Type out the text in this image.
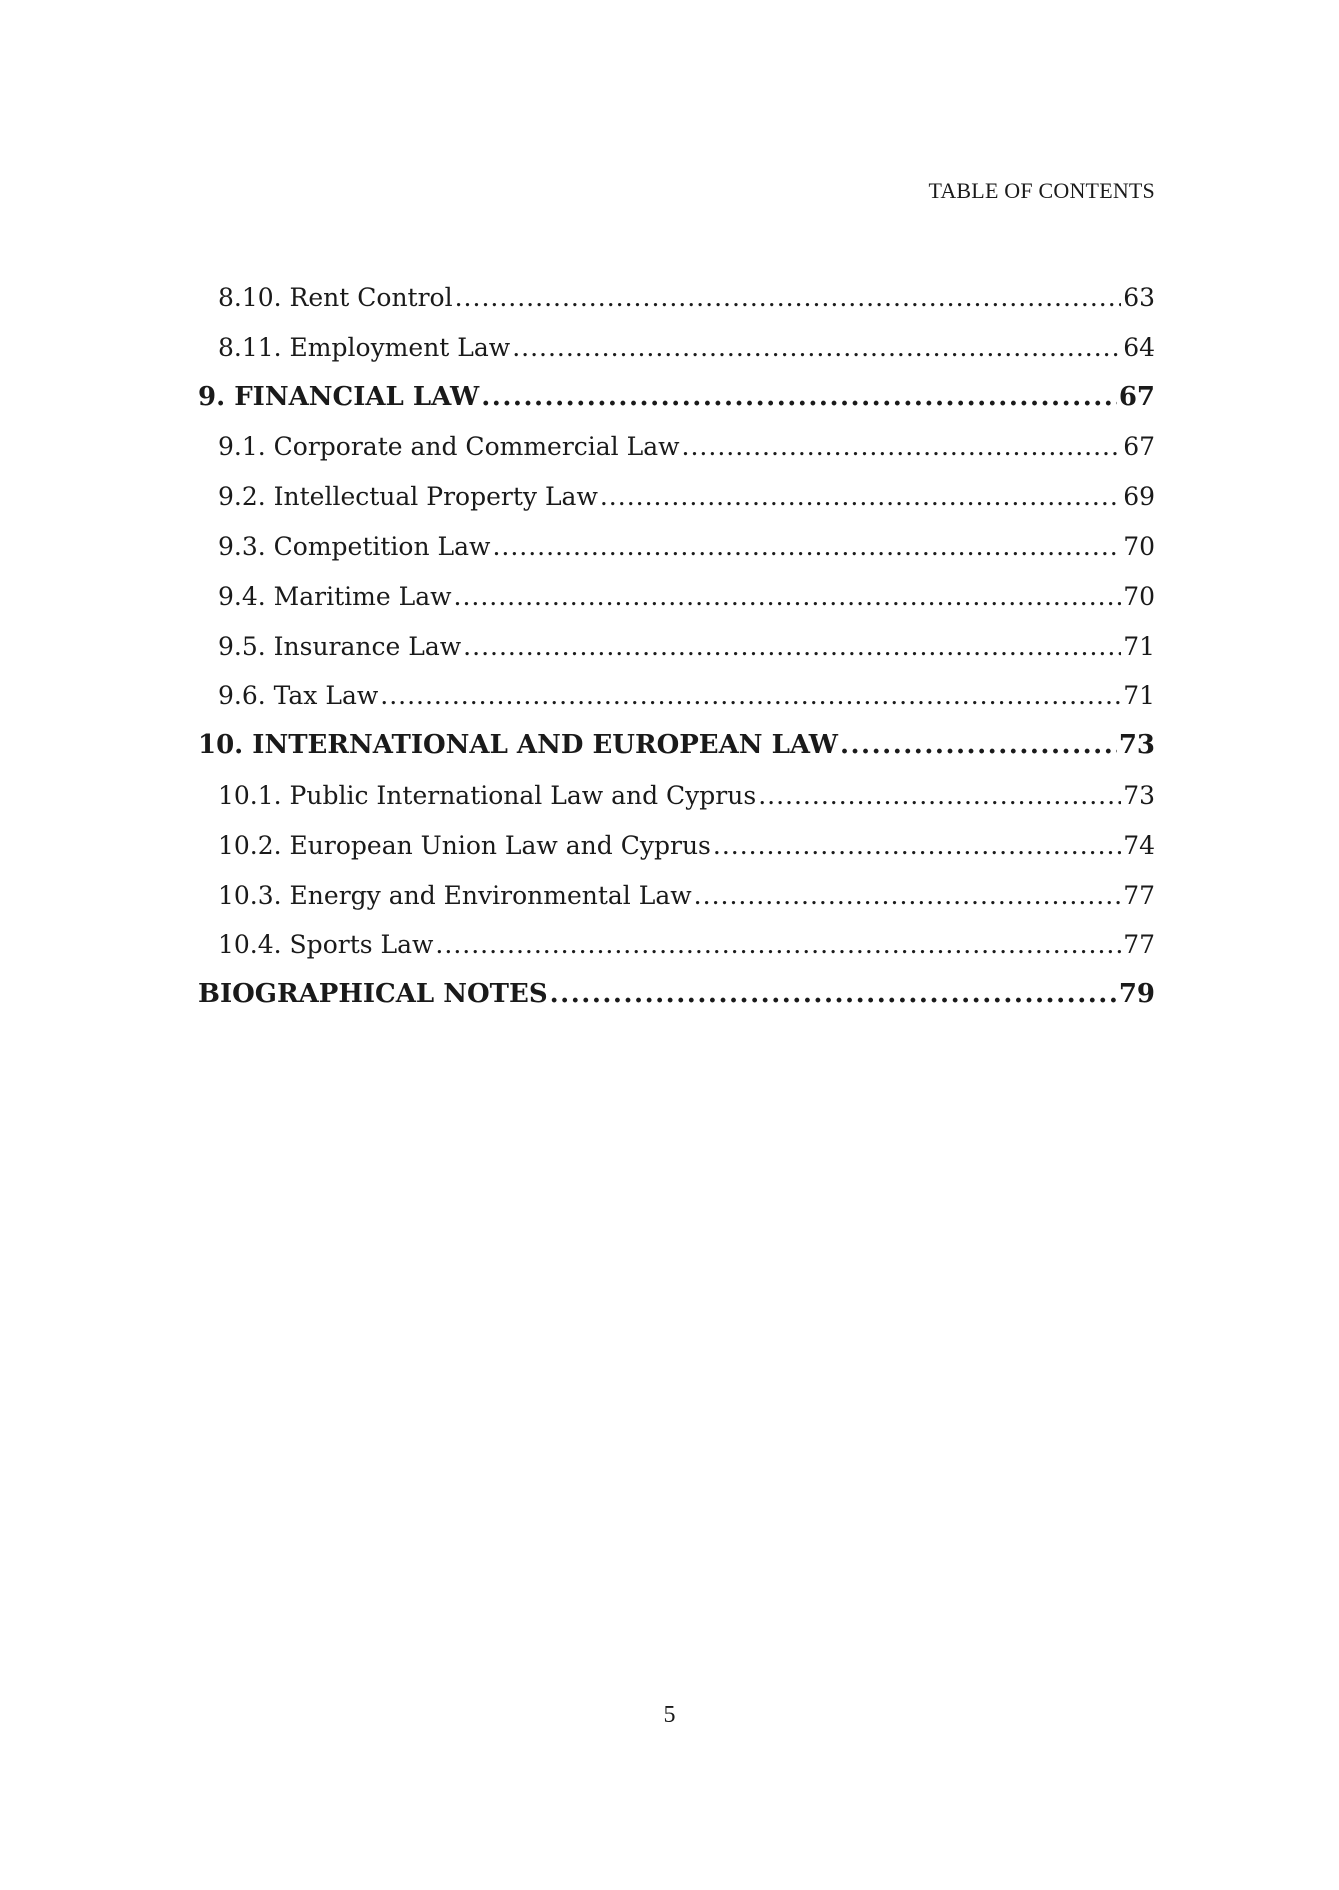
TABLE OF CONTENTS
8.10. Rent Control .....	63
8.11. Employment Law .....	64
9. FINANCIAL LAW .....	67
9.1. Corporate and Commercial Law .....	67
9.2. Intellectual Property Law .....	69
9.3. Competition Law .....	70
9.4. Maritime Law .....	70
9.5. Insurance Law .....	71
9.6. Tax Law .....	71
10. INTERNATIONAL AND EUROPEAN LAW .....	73
10.1. Public International Law and Cyprus .....	73
10.2. European Union Law and Cyprus .....	74
10.3. Energy and Environmental Law .....	77
10.4. Sports Law .....	77
BIOGRAPHICAL NOTES .....	79
5
